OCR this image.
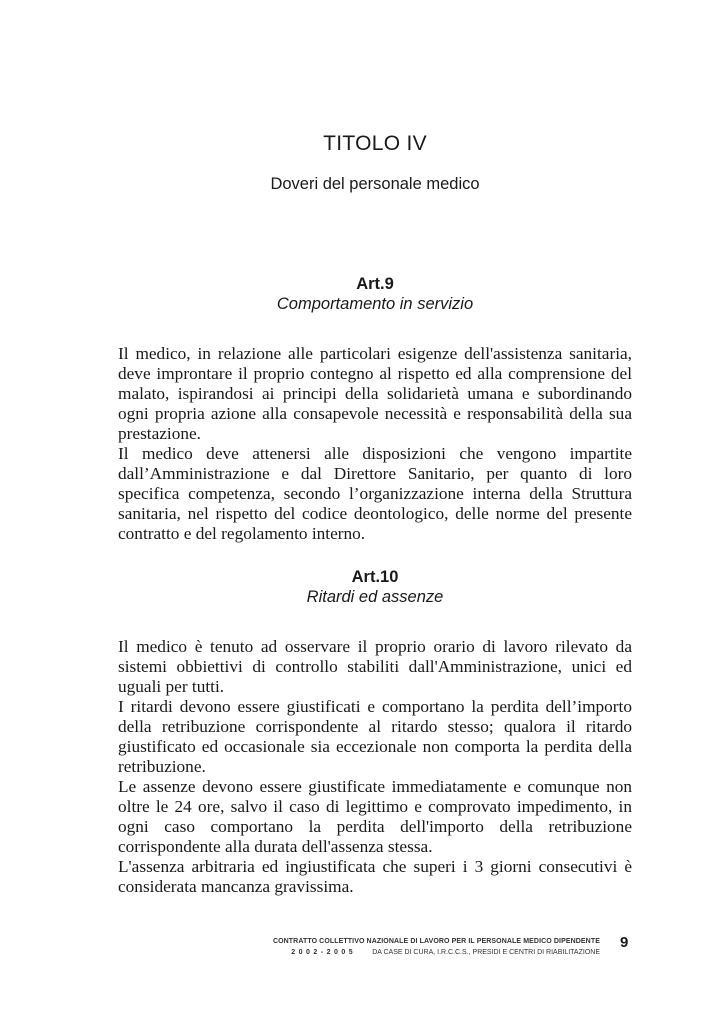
TITOLO IV
Doveri del personale medico

Art.9

Comportamento in servizio

Il medico, in relazione alle particolari esigenze dell'assistenza sanitaria, deve improntare il proprio contegno al rispetto ed alla comprensione del malato, ispirandosi ai principi della solidarietà umana e subordinando ogni propria azione alla consapevole necessità e responsabilità della sua prestazione.

Il medico deve attenersi alle disposizioni che vengono impartite dall’Amministrazione e dal Direttore Sanitario, per quanto di loro specifica competenza, secondo l’organizzazione interna della Struttura sanitaria, nel rispetto del codice deontologico, delle norme del presente contratto e del regolamento interno.

Art.10

Ritardi ed assenze

Il medico è tenuto ad osservare il proprio orario di lavoro rilevato da sistemi obbiettivi di controllo stabiliti dall'Amministrazione, unici ed uguali per tutti.

I ritardi devono essere giustificati e comportano la perdita dell’importo della retribuzione corrispondente al ritardo stesso; qualora il ritardo giustificato ed occasionale sia eccezionale non comporta la perdita della retribuzione.

Le assenze devono essere giustificate immediatamente e comunque non oltre le 24 ore, salvo il caso di legittimo e comprovato impedimento, in ogni caso comportano la perdita dell'importo della retribuzione corrispondente alla durata dell'assenza stessa.

L'assenza arbitraria ed ingiustificata che superi i 3 giorni consecutivi è considerata mancanza gravissima.

CONTRATTO COLLETTIVO NAZIONALE DI LAVORO PER IL PERSONALE MEDICO DIPENDENTE
2002-2005 DA CASE DI CURA, I.R.C.C.S., PRESIDI E CENTRI DI RIABILITAZIONE
9
